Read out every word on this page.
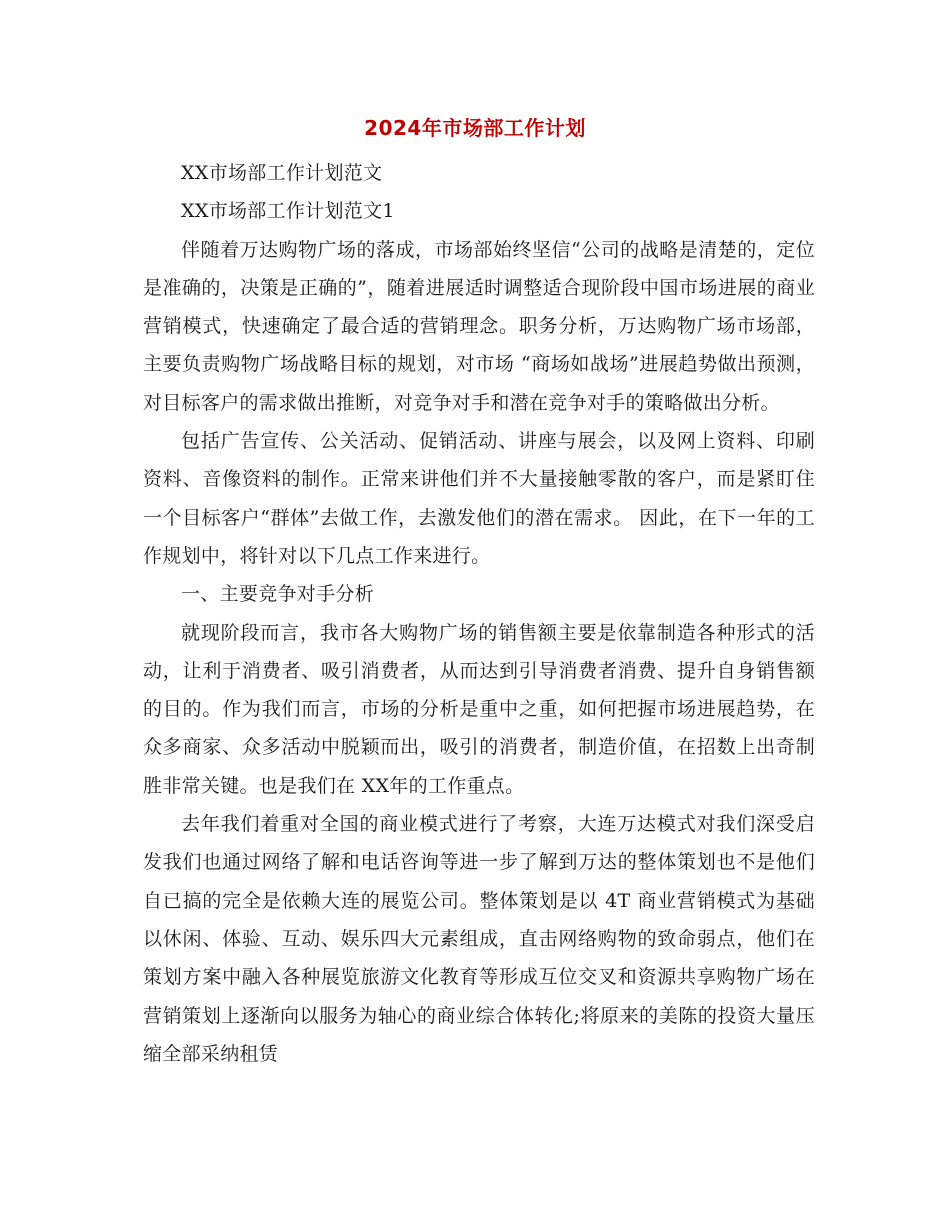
2024年市场部工作计划

XX市场部工作计划范文

XX市场部工作计划范文1

伴随着万达购物广场的落成，市场部始终坚信“公司的战略是清楚的，定位是准确的，决策是正确的”，随着进展适时调整适合现阶段中国市场进展的商业营销模式，快速确定了最合适的营销理念。职务分析，万达购物广场市场部，主要负责购物广场战略目标的规划，对市场 “商场如战场”进展趋势做出预测，对目标客户的需求做出推断，对竞争对手和潜在竞争对手的策略做出分析。

包括广告宣传、公关活动、促销活动、讲座与展会，以及网上资料、印刷资料、音像资料的制作。正常来讲他们并不大量接触零散的客户，而是紧盯住一个目标客户“群体”去做工作，去激发他们的潜在需求。 因此，在下一年的工作规划中，将针对以下几点工作来进行。

一、主要竞争对手分析

就现阶段而言，我市各大购物广场的销售额主要是依靠制造各种形式的活动，让利于消费者、吸引消费者，从而达到引导消费者消费、提升自身销售额的目的。作为我们而言，市场的分析是重中之重，如何把握市场进展趋势，在众多商家、众多活动中脱颖而出，吸引的消费者，制造价值，在招数上出奇制胜非常关键。也是我们在 XX年的工作重点。

去年我们着重对全国的商业模式进行了考察，大连万达模式对我们深受启发我们也通过网络了解和电话咨询等进一步了解到万达的整体策划也不是他们自已搞的完全是依赖大连的展览公司。整体策划是以 4T 商业营销模式为基础以休闲、体验、互动、娱乐四大元素组成，直击网络购物的致命弱点，他们在策划方案中融入各种展览旅游文化教育等形成互位交叉和资源共享购物广场在营销策划上逐渐向以服务为轴心的商业综合体转化;将原来的美陈的投资大量压缩全部采纳租赁
